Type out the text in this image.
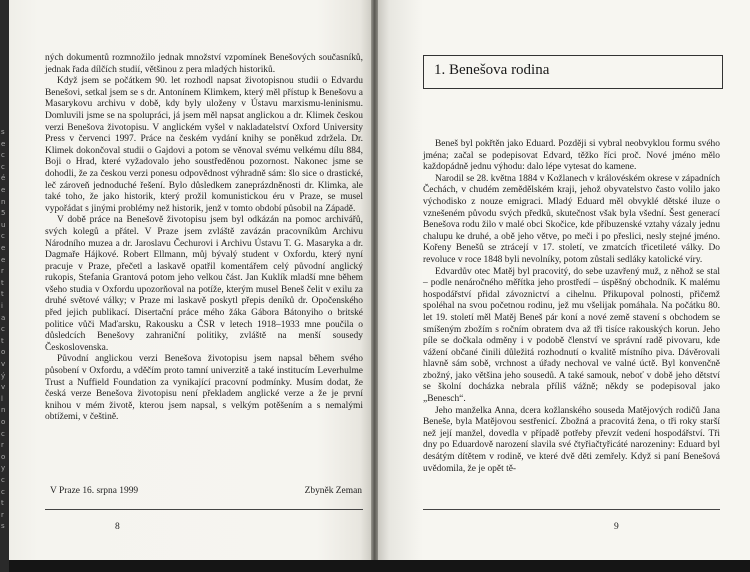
s
e
c
c
é
e
n
5
u
c
e
e
r
t
t
i
a
c
t
o
v
ý
v
l
n
o
c
r
o
y
c
c
t
r
s

ných dokumentů rozmnožilo jednak množství vzpomínek Benešových současníků, jednak řada dílčích studií, většinou z pera mladých historiků.

Když jsem se počátkem 90. let rozhodl napsat životopisnou studii o Edvardu Benešovi, setkal jsem se s dr. Antonínem Klimkem, který měl přístup k Benešovu a Masarykovu archivu v době, kdy byly uloženy v Ústavu marxismu-leninismu. Domluvili jsme se na spolupráci, já jsem měl napsat anglickou a dr. Klimek českou verzi Benešova životopisu. V anglickém vyšel v nakladatelství Oxford University Press v červenci 1997. Práce na českém vydání knihy se poněkud zdržela. Dr. Klimek dokončoval studii o Gajdovi a potom se věnoval svému velkému dílu 884, Boji o Hrad, které vyžadovalo jeho soustředěnou pozornost. Nakonec jsme se dohodli, že za českou verzi ponesu odpovědnost výhradně sám: šlo sice o drastické, leč zároveň jednoduché řešení. Bylo důsledkem zaneprázdněnosti dr. Klimka, ale také toho, že jako historik, který prožil komunistickou éru v Praze, se musel vypořádat s jinými problémy než historik, jenž v tomto období působil na Západě.

V době práce na Benešově životopisu jsem byl odkázán na pomoc archivářů, svých kolegů a přátel. V Praze jsem zvláště zavázán pracovníkům Archivu Národního muzea a dr. Jaroslavu Čechurovi i Archivu Ústavu T. G. Masaryka a dr. Dagmaře Hájkové. Robert Ellmann, můj bývalý student v Oxfordu, který nyní pracuje v Praze, přečetl a laskavě opatřil komentářem celý původní anglický rukopis, Stefania Grantová potom jeho velkou část. Jan Kuklík mladší mne během všeho studia v Oxfordu upozorňoval na potíže, kterým musel Beneš čelit v exilu za druhé světové války; v Praze mi laskavě poskytl přepis deníků dr. Opočenského před jejich publikací. Disertační práce mého žáka Gábora Bátonyiho o britské politice vůči Maďarsku, Rakousku a ČSR v letech 1918–1933 mne poučila o důsledcích Benešovy zahraniční politiky, zvláště na menší sousedy Československa.

Původní anglickou verzi Benešova životopisu jsem napsal během svého působení v Oxfordu, a vděčím proto tamní univerzitě a také institucím Leverhulme Trust a Nuffield Foundation za vynikající pracovní podmínky. Musím dodat, že česká verze Benešova životopisu není překladem anglické verze a že je první knihou v mém životě, kterou jsem napsal, s velkým potěšením a s nemalými obtížemi, v češtině.

V Praze 16. srpna 1999	Zbyněk Zeman
8
1. Benešova rodina

Beneš byl pokřtěn jako Eduard. Později si vybral neobvyklou formu svého jména; začal se podepisovat Edvard, těžko říci proč. Nové jméno mělo každopádně jednu výhodu: dalo lépe vytesat do kamene.

Narodil se 28. května 1884 v Kožlanech v královéském okrese v západních Čechách, v chudém zemědělském kraji, jehož obyvatelstvo často volilo jako východisko z nouze emigraci. Mladý Eduard měl obvyklé dětské iluze o vznešeném původu svých předků, skutečnost však byla všední. Šest generací Benešova rodu žilo v malé obci Skočice, kde příbuzenské vztahy vázaly jednu chalupu ke druhé, a obě jeho větve, po meči i po přeslici, nesly stejné jméno. Kořeny Benešů se ztrácejí v 17. století, ve zmatcích třicetileté války. Do revoluce v roce 1848 byli nevolníky, potom zůstali sedláky katolické víry.

Edvardův otec Matěj byl pracovitý, do sebe uzavřený muž, z něhož se stal – podle nenáročného měřítka jeho prostředí – úspěšný obchodník. K malému hospodářství přidal závoznictví a cihelnu. Přikupoval polnosti, přičemž spoléhal na svou početnou rodinu, jež mu všelijak pomáhala. Na počátku 80. let 19. století měl Matěj Beneš pár koní a nové země stavení s obchodem se smíšeným zbožím s ročním obratem dva až tři tisíce rakouských korun. Jeho píle se dočkala odměny i v podobě členství ve správní radě pivovaru, kde vážení občané činili důležitá rozhodnutí o kvalitě místního piva. Dávěrovali hlavně sám sobě, vrchnost a úřady nechoval ve valné úctě. Byl konvenčně zbožný, jako většina jeho sousedů. A také samouk, neboť v době jeho dětství se školní docházka nebrala příliš vážně; někdy se podepisoval jako „Benesch“.

Jeho manželka Anna, dcera kožlanského souseda Matějových rodičů Jana Beneše, byla Matějovou sestřenicí. Zbožná a pracovitá žena, o tři roky starší než její manžel, dovedla v případě potřeby převzít vedení hospodářství. Tři dny po Eduardově narození slavila své čtyřiačtyřicáté narozeniny: Eduard byl desátým dítětem v rodině, ve které dvě děti zemřely. Když si paní Benešová uvědomila, že je opět tě-

9
